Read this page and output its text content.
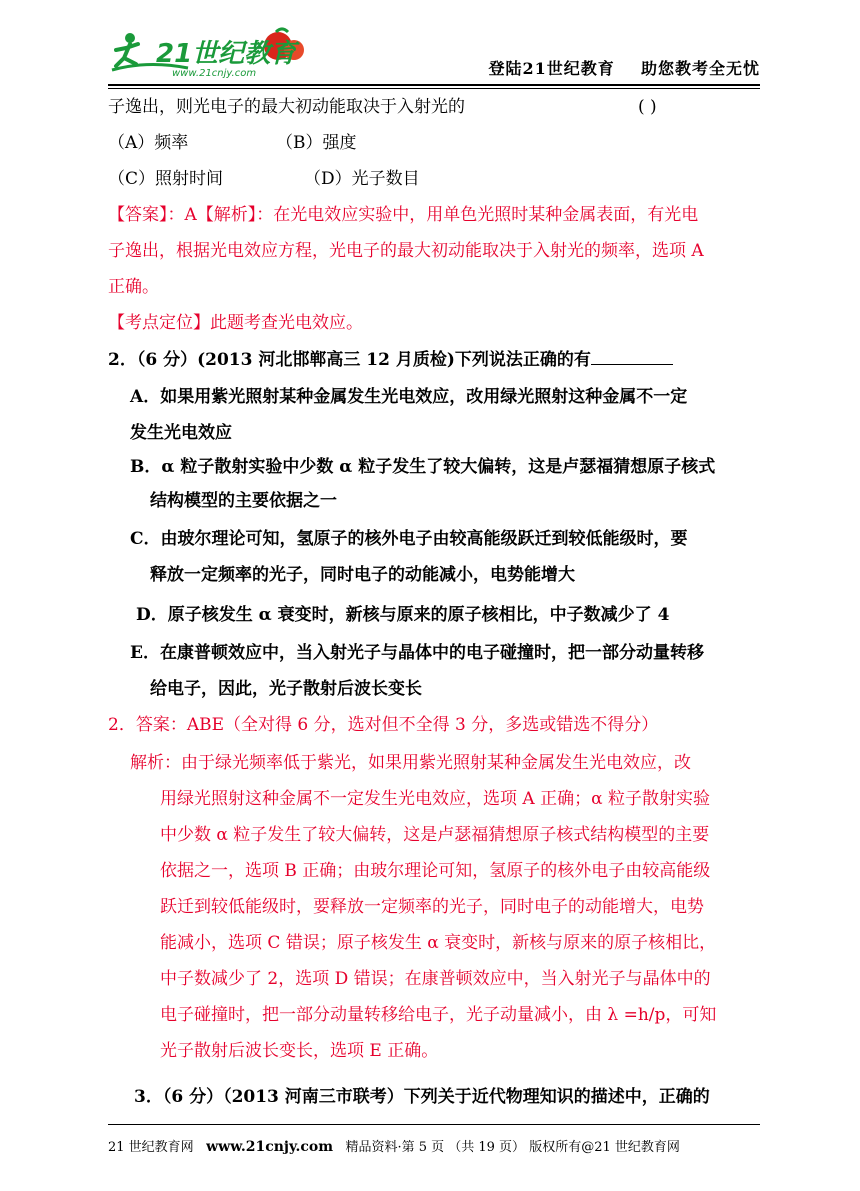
21世纪教育
www.21cnjy.com	登陆21世纪教育    助您教考全无忧
子逸出，则光电子的最大初动能取决于入射光的	( )
（A）频率	（B）强度
（C）照射时间	（D）光子数目
【答案】：A【解析】：在光电效应实验中，用单色光照时某种金属表面，有光电
子逸出，根据光电效应方程，光电子的最大初动能取决于入射光的频率，选项 A
正确。
【考点定位】此题考查光电效应。
2．（6 分）(2013 河北邯郸高三 12 月质检)下列说法正确的有
A．如果用紫光照射某种金属发生光电效应，改用绿光照射这种金属不一定
发生光电效应
B．α 粒子散射实验中少数 α 粒子发生了较大偏转，这是卢瑟福猜想原子核式
结构模型的主要依据之一
C．由玻尔理论可知，氢原子的核外电子由较高能级跃迁到较低能级时，要
释放一定频率的光子，同时电子的动能减小，电势能增大
D．原子核发生 α 衰变时，新核与原来的原子核相比，中子数减少了 4
E．在康普顿效应中，当入射光子与晶体中的电子碰撞时，把一部分动量转移
给电子，因此，光子散射后波长变长
2．答案：ABE（全对得 6 分，选对但不全得 3 分，多选或错选不得分）
解析：由于绿光频率低于紫光，如果用紫光照射某种金属发生光电效应，改
用绿光照射这种金属不一定发生光电效应，选项 A 正确；α 粒子散射实验
中少数 α 粒子发生了较大偏转，这是卢瑟福猜想原子核式结构模型的主要
依据之一，选项 B 正确；由玻尔理论可知，氢原子的核外电子由较高能级
跃迁到较低能级时，要释放一定频率的光子，同时电子的动能增大，电势
能减小，选项 C 错误；原子核发生 α 衰变时，新核与原来的原子核相比，
中子数减少了 2，选项 D 错误；在康普顿效应中，当入射光子与晶体中的
电子碰撞时，把一部分动量转移给电子，光子动量减小，由 λ =h/p，可知
光子散射后波长变长，选项 E 正确。
3．（6 分）（2013 河南三市联考）下列关于近代物理知识的描述中，正确的
21 世纪教育网 www.21cnjy.com 精品资料·第 5 页 （共 19 页） 版权所有@21 世纪教育网
